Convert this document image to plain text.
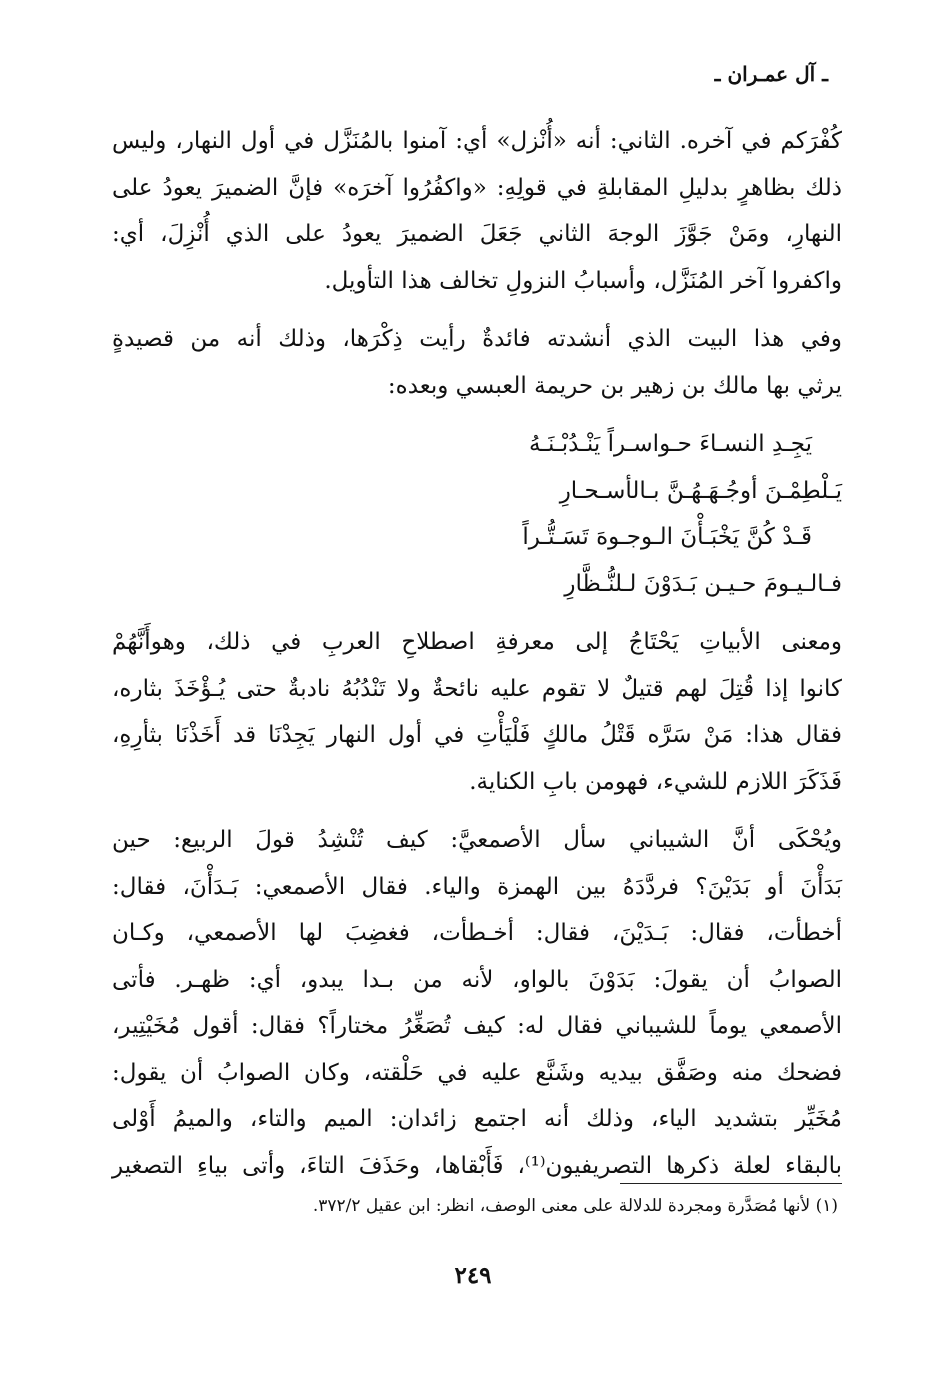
ـ آل عمـران ـ
كُفْرَكم في آخره. الثاني: أنه «أُنْزل» أي: آمنوا بالمُنَزَّل في أول النهار، وليس
ذلك بظاهرٍ بدليلِ المقابلةِ في قولِهِ: «واكفُرُوا آخرَه» فإنَّ الضميرَ يعودُ على
النهارِ، ومَنْ جَوَّزَ الوجهَ الثاني جَعَلَ الضميرَ يعودُ على الذي أُنْزِلَ، أي:
واكفروا آخر المُنَزَّل، وأسبابُ النزولِ تخالف هذا التأويل.
وفي هذا البيت الذي أنشدته فائدةٌ رأيت ذِكْرَها، وذلك أنه من قصيدةٍ
يرثي بها مالك بن زهير بن حريمة العبسي وبعده:
يَجِـدِ النسـاءَ حـواسـراً يَنْـدُبْـنَـهُ
يَـلْطِمْـنَ أوجُـهَـهُـنَّ بـالأسـحـارِ
قَـدْ كُنَّ يَخْبَـأْنَ الـوجـوهَ تَسَـتُّـراً
فـالـيـومَ حـيـن بَـدَوْنَ لـلنُّـظَّارِ
ومعنى الأبياتِ يَحْتَاجُ إلى معرفةِ اصطلاحِ العربِ في ذلك، وهوأَنَّهُمْ
كانوا إذا قُتِلَ لهم قتيلٌ لا تقوم عليه نائحةٌ ولا تَنْدُبُهُ نادبةٌ حتى يُـؤْخَذَ بثاره،
فقال هذا: مَنْ سَرَّه قَتْلُ مالكٍ فَلْيَأْتِ في أول النهار يَجِدْنَا قد أَخَذْنَا بثأرِهِ،
فَذَكَرَ اللازم للشيء، فهومن بابِ الكناية.
ويُحْكَى أنَّ الشيباني سأل الأصمعيَّ: كيف تُنْشِدُ قولَ الربيع: حين
بَدَأْنَ أو بَدَيْنَ؟ فردَّدَهُ بين الهمزة والياء. فقال الأصمعي: بَـدَأْنَ، فقال:
أخطأت، فقال: بَـدَيْنَ، فقال: أخـطأت، فغضِبَ لها الأصمعي، وكـان
الصوابُ أن يقولَ: بَدَوْنَ بالواو، لأنه من بـدا يبدو، أي: ظهـر. فأتى
الأصمعي يوماً للشيباني فقال له: كيف تُصَغِّرُ مختاراً؟ فقال: أقول مُخَيْتِير،
فضحك منه وصَفَّق بيديه وشَنَّع عليه في حَلْقته، وكان الصوابُ أن يقول:
مُخَيِّر بتشديد الياء، وذلك أنه اجتمع زائدان: الميم والتاء، والميمُ أَوْلى
بالبقاء لعلة ذكرها التصريفيون⁽¹⁾، فَأَبْقاها، وحَذَفَ التاءَ، وأتى بياءِ التصغير
(١) لأنها مُصَدَّرة ومجردة للدلالة على معنى الوصف، انظر: ابن عقيل ٣٧٢/٢.
٢٤٩
